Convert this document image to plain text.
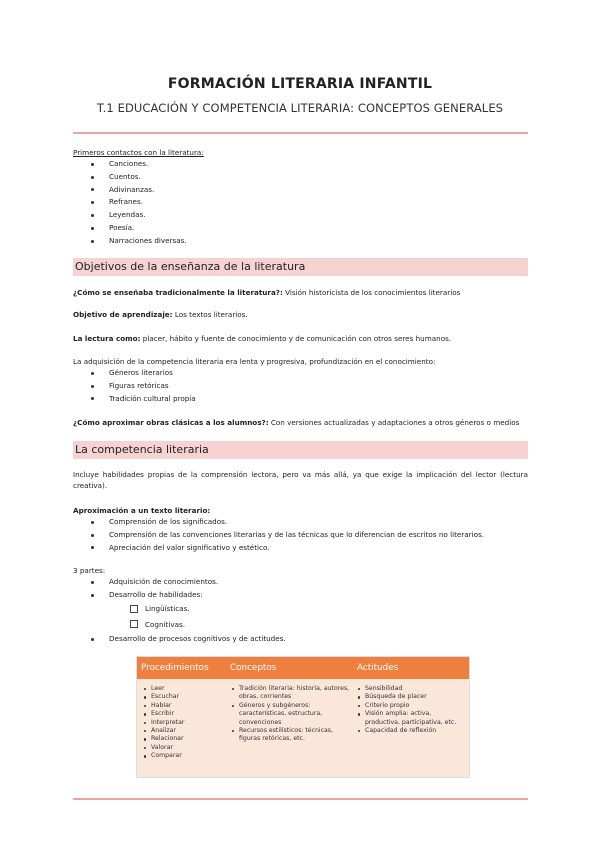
FORMACIÓN LITERARIA INFANTIL
T.1 EDUCACIÓN Y COMPETENCIA LITERARIA: CONCEPTOS GENERALES
Primeros contactos con la literatura:
Canciones.
Cuentos.
Adivinanzas.
Refranes.
Leyendas.
Poesía.
Narraciones diversas.
Objetivos de la enseñanza de la literatura
¿Cómo se enseñaba tradicionalmente la literatura?: Visión historicista de los conocimientos literarios
Objetivo de aprendizaje: Los textos literarios.
La lectura como: placer, hábito y fuente de conocimiento y de comunicación con otros seres humanos.
La adquisición de la competencia literaria era lenta y progresiva, profundización en el conocimiento:
Géneros literarios
Figuras retóricas
Tradición cultural propia
¿Cómo aproximar obras clásicas a los alumnos?: Con versiones actualizadas y adaptaciones a otros géneros o medios
La competencia literaria
Incluye habilidades propias de la comprensión lectora, pero va más allá, ya que exige la implicación del lector (lectura creativa).
Aproximación a un texto literario:
Comprensión de los significados.
Comprensión de las convenciones literarias y de las técnicas que lo diferencian de escritos no literarios.
Apreciación del valor significativo y estético.
3 partes:
Adquisición de conocimientos.
Desarrollo de habilidades:
Lingüísticas.
Cognitivas.
Desarrollo de procesos cognitivos y de actitudes.
Procedimientos Conceptos	Actitudes
Leer
Escuchar
Hablar
Escribir
Interpretar
Analizar
Relacionar
Valorar
Comparar
Tradición literaria: historia, autores, obras, corrientes
Géneros y subgéneros: características, estructura, convenciones
Recursos estilísticos: técnicas, figuras retóricas, etc.
Sensibilidad
Búsqueda de placer
Criterio propio
Visión amplia: activa, productiva, participativa, etc.
Capacidad de reflexión
